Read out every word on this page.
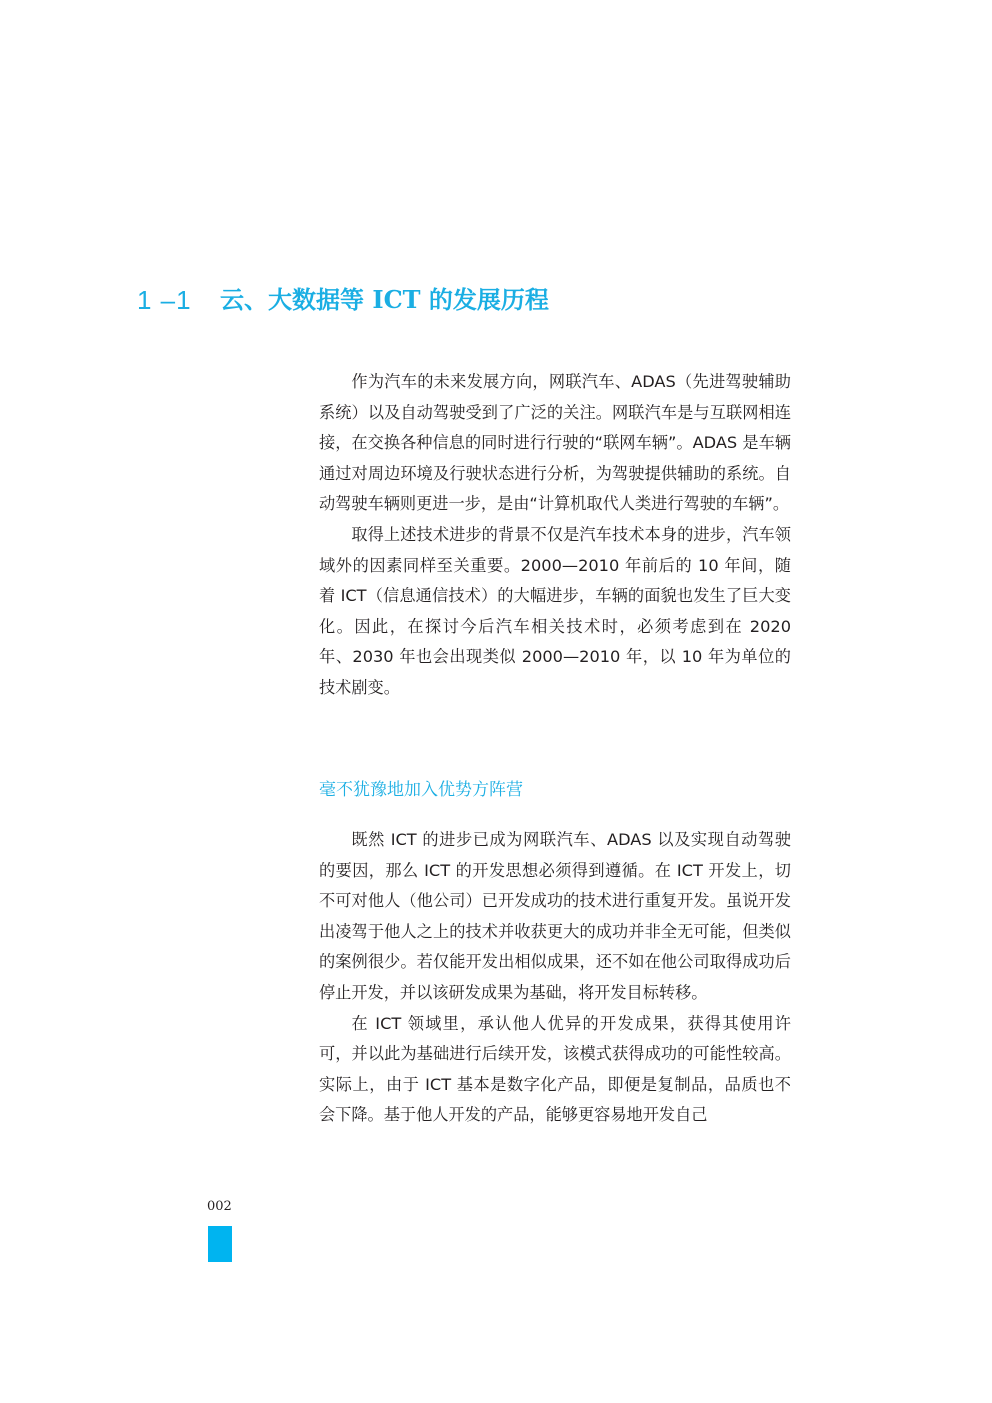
1 –1 云、大数据等 ICT 的发展历程

作为汽车的未来发展方向，网联汽车、ADAS（先进驾驶辅助系统）以及自动驾驶受到了广泛的关注。网联汽车是与互联网相连接，在交换各种信息的同时进行行驶的“联网车辆”。ADAS 是车辆通过对周边环境及行驶状态进行分析，为驾驶提供辅助的系统。自动驾驶车辆则更进一步，是由“计算机取代人类进行驾驶的车辆”。

取得上述技术进步的背景不仅是汽车技术本身的进步，汽车领域外的因素同样至关重要。2000—2010 年前后的 10 年间，随着 ICT（信息通信技术）的大幅进步，车辆的面貌也发生了巨大变化。因此，在探讨今后汽车相关技术时，必须考虑到在 2020 年、2030 年也会出现类似 2000—2010 年，以 10 年为单位的技术剧变。

毫不犹豫地加入优势方阵营

既然 ICT 的进步已成为网联汽车、ADAS 以及实现自动驾驶的要因，那么 ICT 的开发思想必须得到遵循。在 ICT 开发上，切不可对他人（他公司）已开发成功的技术进行重复开发。虽说开发出凌驾于他人之上的技术并收获更大的成功并非全无可能，但类似的案例很少。若仅能开发出相似成果，还不如在他公司取得成功后停止开发，并以该研发成果为基础，将开发目标转移。

在 ICT 领域里，承认他人优异的开发成果，获得其使用许可，并以此为基础进行后续开发，该模式获得成功的可能性较高。实际上，由于 ICT 基本是数字化产品，即便是复制品，品质也不会下降。基于他人开发的产品，能够更容易地开发自己

002
